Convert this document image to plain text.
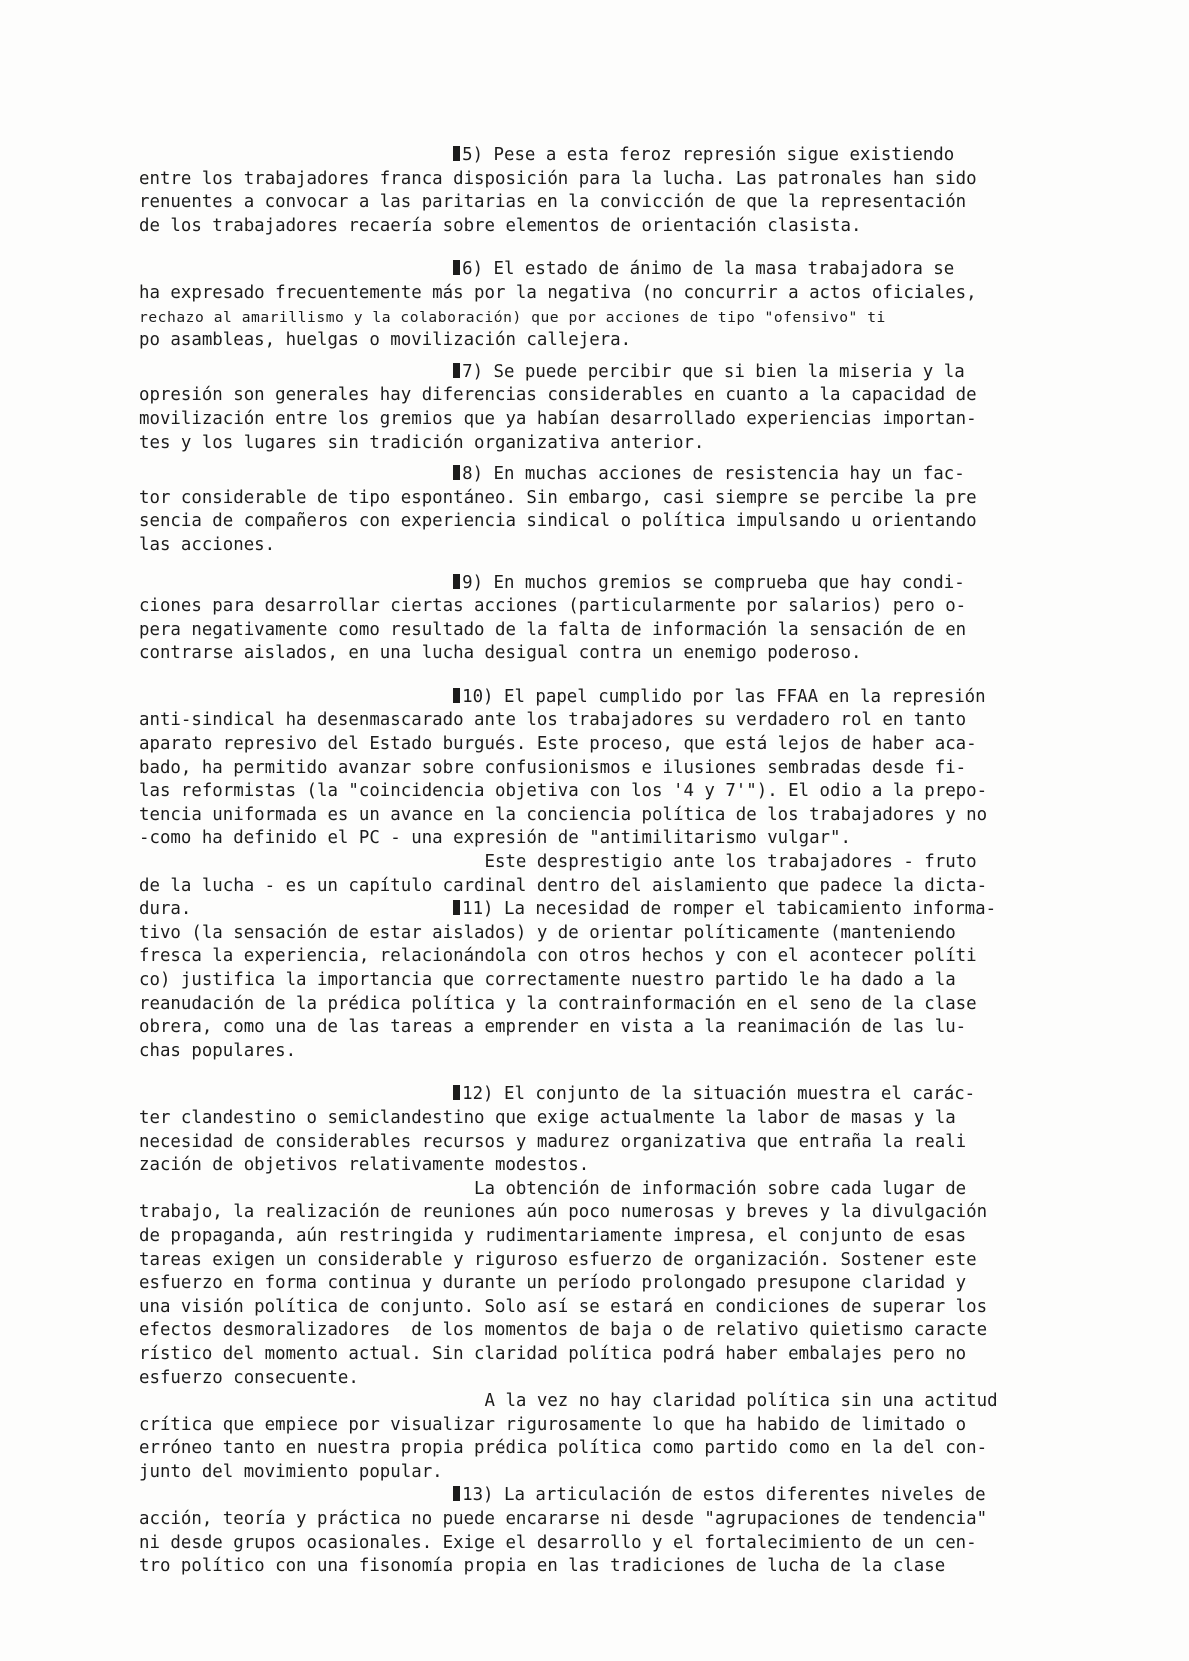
5) Pese a esta feroz represión sigue existiendo
entre los trabajadores franca disposición para la lucha. Las patronales han sido
renuentes a convocar a las paritarias en la convicción de que la representación
de los trabajadores recaería sobre elementos de orientación clasista.
6) El estado de ánimo de la masa trabajadora se
ha expresado frecuentemente más por la negativa (no concurrir a actos oficiales,
rechazo al amarillismo y la colaboración) que por acciones de tipo "ofensivo" ti
po asambleas, huelgas o movilización callejera.
7) Se puede percibir que si bien la miseria y la
opresión son generales hay diferencias considerables en cuanto a la capacidad de
movilización entre los gremios que ya habían desarrollado experiencias importan-
tes y los lugares sin tradición organizativa anterior.
8) En muchas acciones de resistencia hay un fac-
tor considerable de tipo espontáneo. Sin embargo, casi siempre se percibe la pre
sencia de compañeros con experiencia sindical o política impulsando u orientando
las acciones.
9) En muchos gremios se comprueba que hay condi-
ciones para desarrollar ciertas acciones (particularmente por salarios) pero o-
pera negativamente como resultado de la falta de información la sensación de en
contrarse aislados, en una lucha desigual contra un enemigo poderoso.
10) El papel cumplido por las FFAA en la represión
anti-sindical ha desenmascarado ante los trabajadores su verdadero rol en tanto
aparato represivo del Estado burgués. Este proceso, que está lejos de haber aca-
bado, ha permitido avanzar sobre confusionismos e ilusiones sembradas desde fi-
las reformistas (la "coincidencia objetiva con los '4 y 7'"). El odio a la prepo-
tencia uniformada es un avance en la conciencia política de los trabajadores y no
-como ha definido el PC - una expresión de "antimilitarismo vulgar".
Este desprestigio ante los trabajadores - fruto
de la lucha - es un capítulo cardinal dentro del aislamiento que padece la dicta-
dura.                         11) La necesidad de romper el tabicamiento informa-
tivo (la sensación de estar aislados) y de orientar políticamente (manteniendo
fresca la experiencia, relacionándola con otros hechos y con el acontecer políti
co) justifica la importancia que correctamente nuestro partido le ha dado a la
reanudación de la prédica política y la contrainformación en el seno de la clase
obrera, como una de las tareas a emprender en vista a la reanimación de las lu-
chas populares.
12) El conjunto de la situación muestra el carác-
ter clandestino o semiclandestino que exige actualmente la labor de masas y la
necesidad de considerables recursos y madurez organizativa que entraña la reali
zación de objetivos relativamente modestos.
La obtención de información sobre cada lugar de
trabajo, la realización de reuniones aún poco numerosas y breves y la divulgación
de propaganda, aún restringida y rudimentariamente impresa, el conjunto de esas
tareas exigen un considerable y riguroso esfuerzo de organización. Sostener este
esfuerzo en forma continua y durante un período prolongado presupone claridad y
una visión política de conjunto. Solo así se estará en condiciones de superar los
efectos desmoralizadores  de los momentos de baja o de relativo quietismo caracte
rístico del momento actual. Sin claridad política podrá haber embalajes pero no
esfuerzo consecuente.
A la vez no hay claridad política sin una actitud
crítica que empiece por visualizar rigurosamente lo que ha habido de limitado o
erróneo tanto en nuestra propia prédica política como partido como en la del con-
junto del movimiento popular.
13) La articulación de estos diferentes niveles de
acción, teoría y práctica no puede encararse ni desde "agrupaciones de tendencia"
ni desde grupos ocasionales. Exige el desarrollo y el fortalecimiento de un cen-
tro político con una fisonomía propia en las tradiciones de lucha de la clase
